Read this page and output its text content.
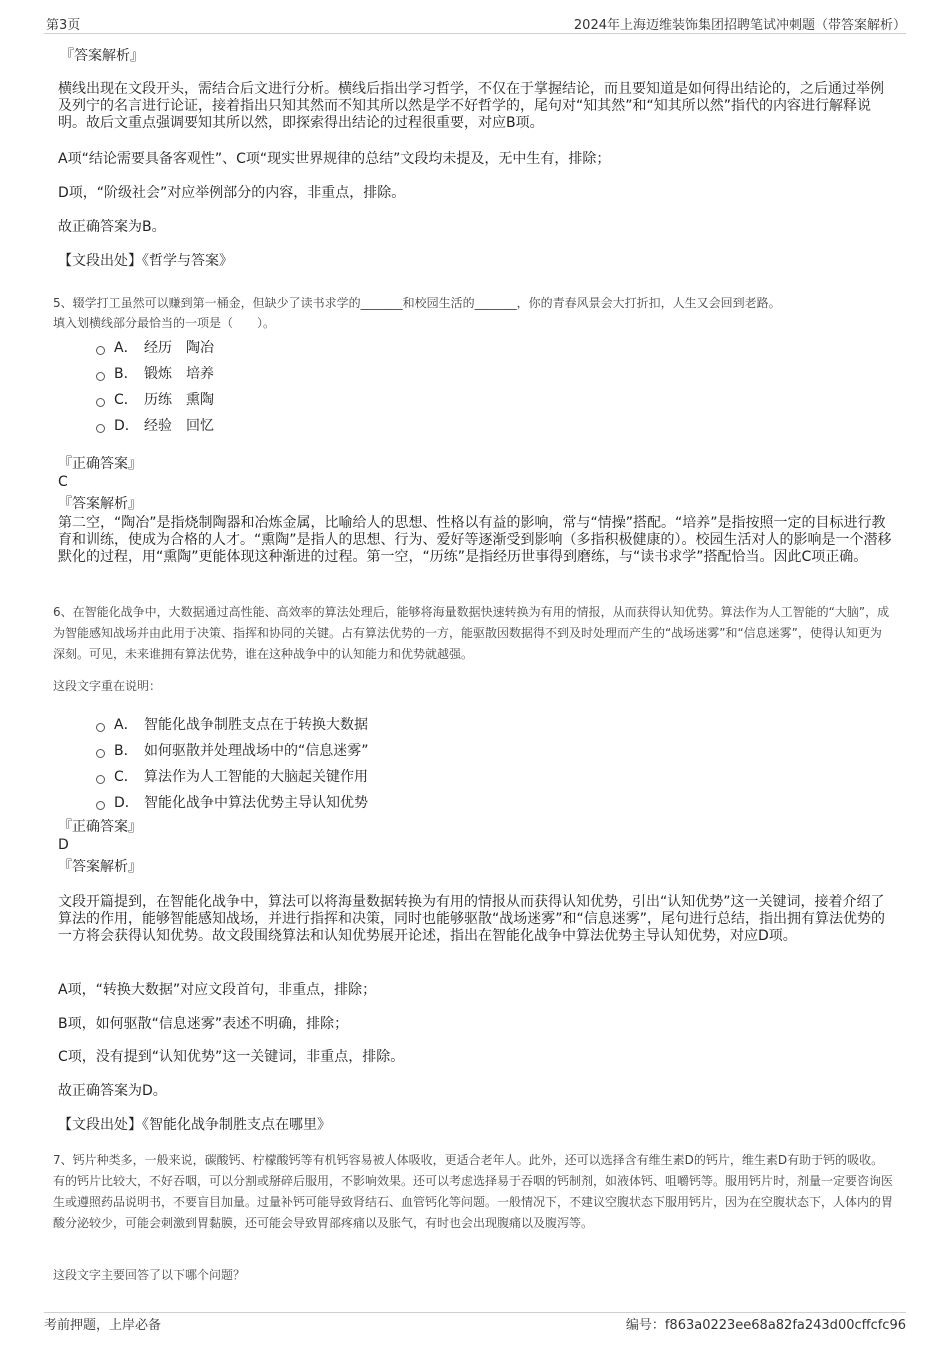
第3页	2024年上海迈维装饰集团招聘笔试冲刺题（带答案解析）
『答案解析』
横线出现在文段开头，需结合后文进行分析。横线后指出学习哲学，不仅在于掌握结论，而且要知道是如何得出结论的，之后通过举例及列宁的名言进行论证，接着指出只知其然而不知其所以然是学不好哲学的，尾句对“知其然”和“知其所以然”指代的内容进行解释说明。故后文重点强调要知其所以然，即探索得出结论的过程很重要，对应B项。
A项“结论需要具备客观性”、C项“现实世界规律的总结”文段均未提及，无中生有，排除；
D项，“阶级社会”对应举例部分的内容，非重点，排除。
故正确答案为B。
【文段出处】《哲学与答案》
5、辍学打工虽然可以赚到第一桶金，但缺少了读书求学的_______和校园生活的_______，你的青春风景会大打折扣，人生又会回到老路。
填入划横线部分最恰当的一项是（　　）。
A． 经历　陶冶
B． 锻炼　培养
C． 历练　熏陶
D． 经验　回忆
『正确答案』
C
『答案解析』
第二空，“陶冶”是指烧制陶器和冶炼金属，比喻给人的思想、性格以有益的影响，常与“情操”搭配。“培养”是指按照一定的目标进行教育和训练，使成为合格的人才。“熏陶”是指人的思想、行为、爱好等逐渐受到影响（多指积极健康的）。校园生活对人的影响是一个潜移默化的过程，用“熏陶”更能体现这种渐进的过程。第一空，“历练”是指经历世事得到磨练，与“读书求学”搭配恰当。因此C项正确。
6、在智能化战争中，大数据通过高性能、高效率的算法处理后，能够将海量数据快速转换为有用的情报，从而获得认知优势。算法作为人工智能的“大脑”，成为智能感知战场并由此用于决策、指挥和协同的关键。占有算法优势的一方，能驱散因数据得不到及时处理而产生的“战场迷雾”和“信息迷雾”，使得认知更为深刻。可见，未来谁拥有算法优势，谁在这种战争中的认知能力和优势就越强。
这段文字重在说明：
A． 智能化战争制胜支点在于转换大数据
B． 如何驱散并处理战场中的“信息迷雾”
C． 算法作为人工智能的大脑起关键作用
D． 智能化战争中算法优势主导认知优势
『正确答案』
D
『答案解析』
文段开篇提到，在智能化战争中，算法可以将海量数据转换为有用的情报从而获得认知优势，引出“认知优势”这一关键词，接着介绍了算法的作用，能够智能感知战场，并进行指挥和决策，同时也能够驱散“战场迷雾”和“信息迷雾”，尾句进行总结，指出拥有算法优势的一方将会获得认知优势。故文段围绕算法和认知优势展开论述，指出在智能化战争中算法优势主导认知优势，对应D项。
A项，“转换大数据”对应文段首句，非重点，排除；
B项，如何驱散“信息迷雾”表述不明确，排除；
C项，没有提到“认知优势”这一关键词，非重点，排除。
故正确答案为D。
【文段出处】《智能化战争制胜支点在哪里》
7、钙片种类多，一般来说，碳酸钙、柠檬酸钙等有机钙容易被人体吸收，更适合老年人。此外，还可以选择含有维生素D的钙片，维生素D有助于钙的吸收。有的钙片比较大，不好吞咽，可以分割或掰碎后服用，不影响效果。还可以考虑选择易于吞咽的钙制剂，如液体钙、咀嚼钙等。服用钙片时，剂量一定要咨询医生或遵照药品说明书，不要盲目加量。过量补钙可能导致肾结石、血管钙化等问题。一般情况下，不建议空腹状态下服用钙片，因为在空腹状态下，人体内的胃酸分泌较少，可能会刺激到胃黏膜，还可能会导致胃部疼痛以及胀气，有时也会出现腹痛以及腹泻等。
这段文字主要回答了以下哪个问题？
考前押题，上岸必备	编号：f863a0223ee68a82fa243d00cffcfc96
